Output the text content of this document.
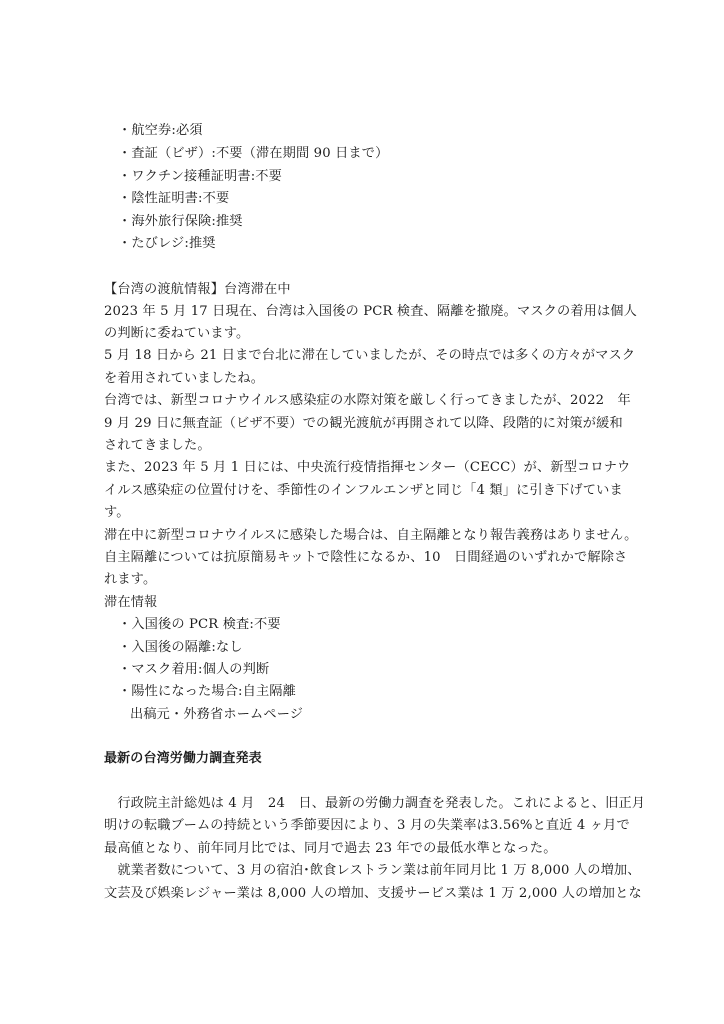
・航空券:必須
・査証（ビザ）:不要（滞在期間 90 日まで）
・ワクチン接種証明書:不要
・陰性証明書:不要
・海外旅行保険:推奨
・たびレジ:推奨
【台湾の渡航情報】台湾滞在中
2023 年 5 月 17 日現在、台湾は入国後の PCR 検査、隔離を撤廃。マスクの着用は個人
の判断に委ねています。
5 月 18 日から 21 日まで台北に滞在していましたが、その時点では多くの方々がマスク
を着用されていましたね。
台湾では、新型コロナウイルス感染症の水際対策を厳しく行ってきましたが、2022　年
9 月 29 日に無査証（ビザ不要）での観光渡航が再開されて以降、段階的に対策が緩和
されてきました。
また、2023 年 5 月 1 日には、中央流行疫情指揮センター（CECC）が、新型コロナウ
イルス感染症の位置付けを、季節性のインフルエンザと同じ「4 類」に引き下げていま
す。
滞在中に新型コロナウイルスに感染した場合は、自主隔離となり報告義務はありません。
自主隔離については抗原簡易キットで陰性になるか、10　日間経過のいずれかで解除さ
れます。
滞在情報
・入国後の PCR 検査:不要
・入国後の隔離:なし
・マスク着用:個人の判断
・陽性になった場合:自主隔離
出稿元・外務省ホームページ
最新の台湾労働力調査発表
　行政院主計総処は 4 月　24　日、最新の労働力調査を発表した。これによると、旧正月
明けの転職ブームの持続という季節要因により、3 月の失業率は3.56%と直近 4 ヶ月で
最高値となり、前年同月比では、同月で過去 23 年での最低水準となった。
　就業者数について、3 月の宿泊･飲食レストラン業は前年同月比 1 万 8,000 人の増加、
文芸及び娯楽レジャー業は 8,000 人の増加、支援サービス業は 1 万 2,000 人の増加とな
